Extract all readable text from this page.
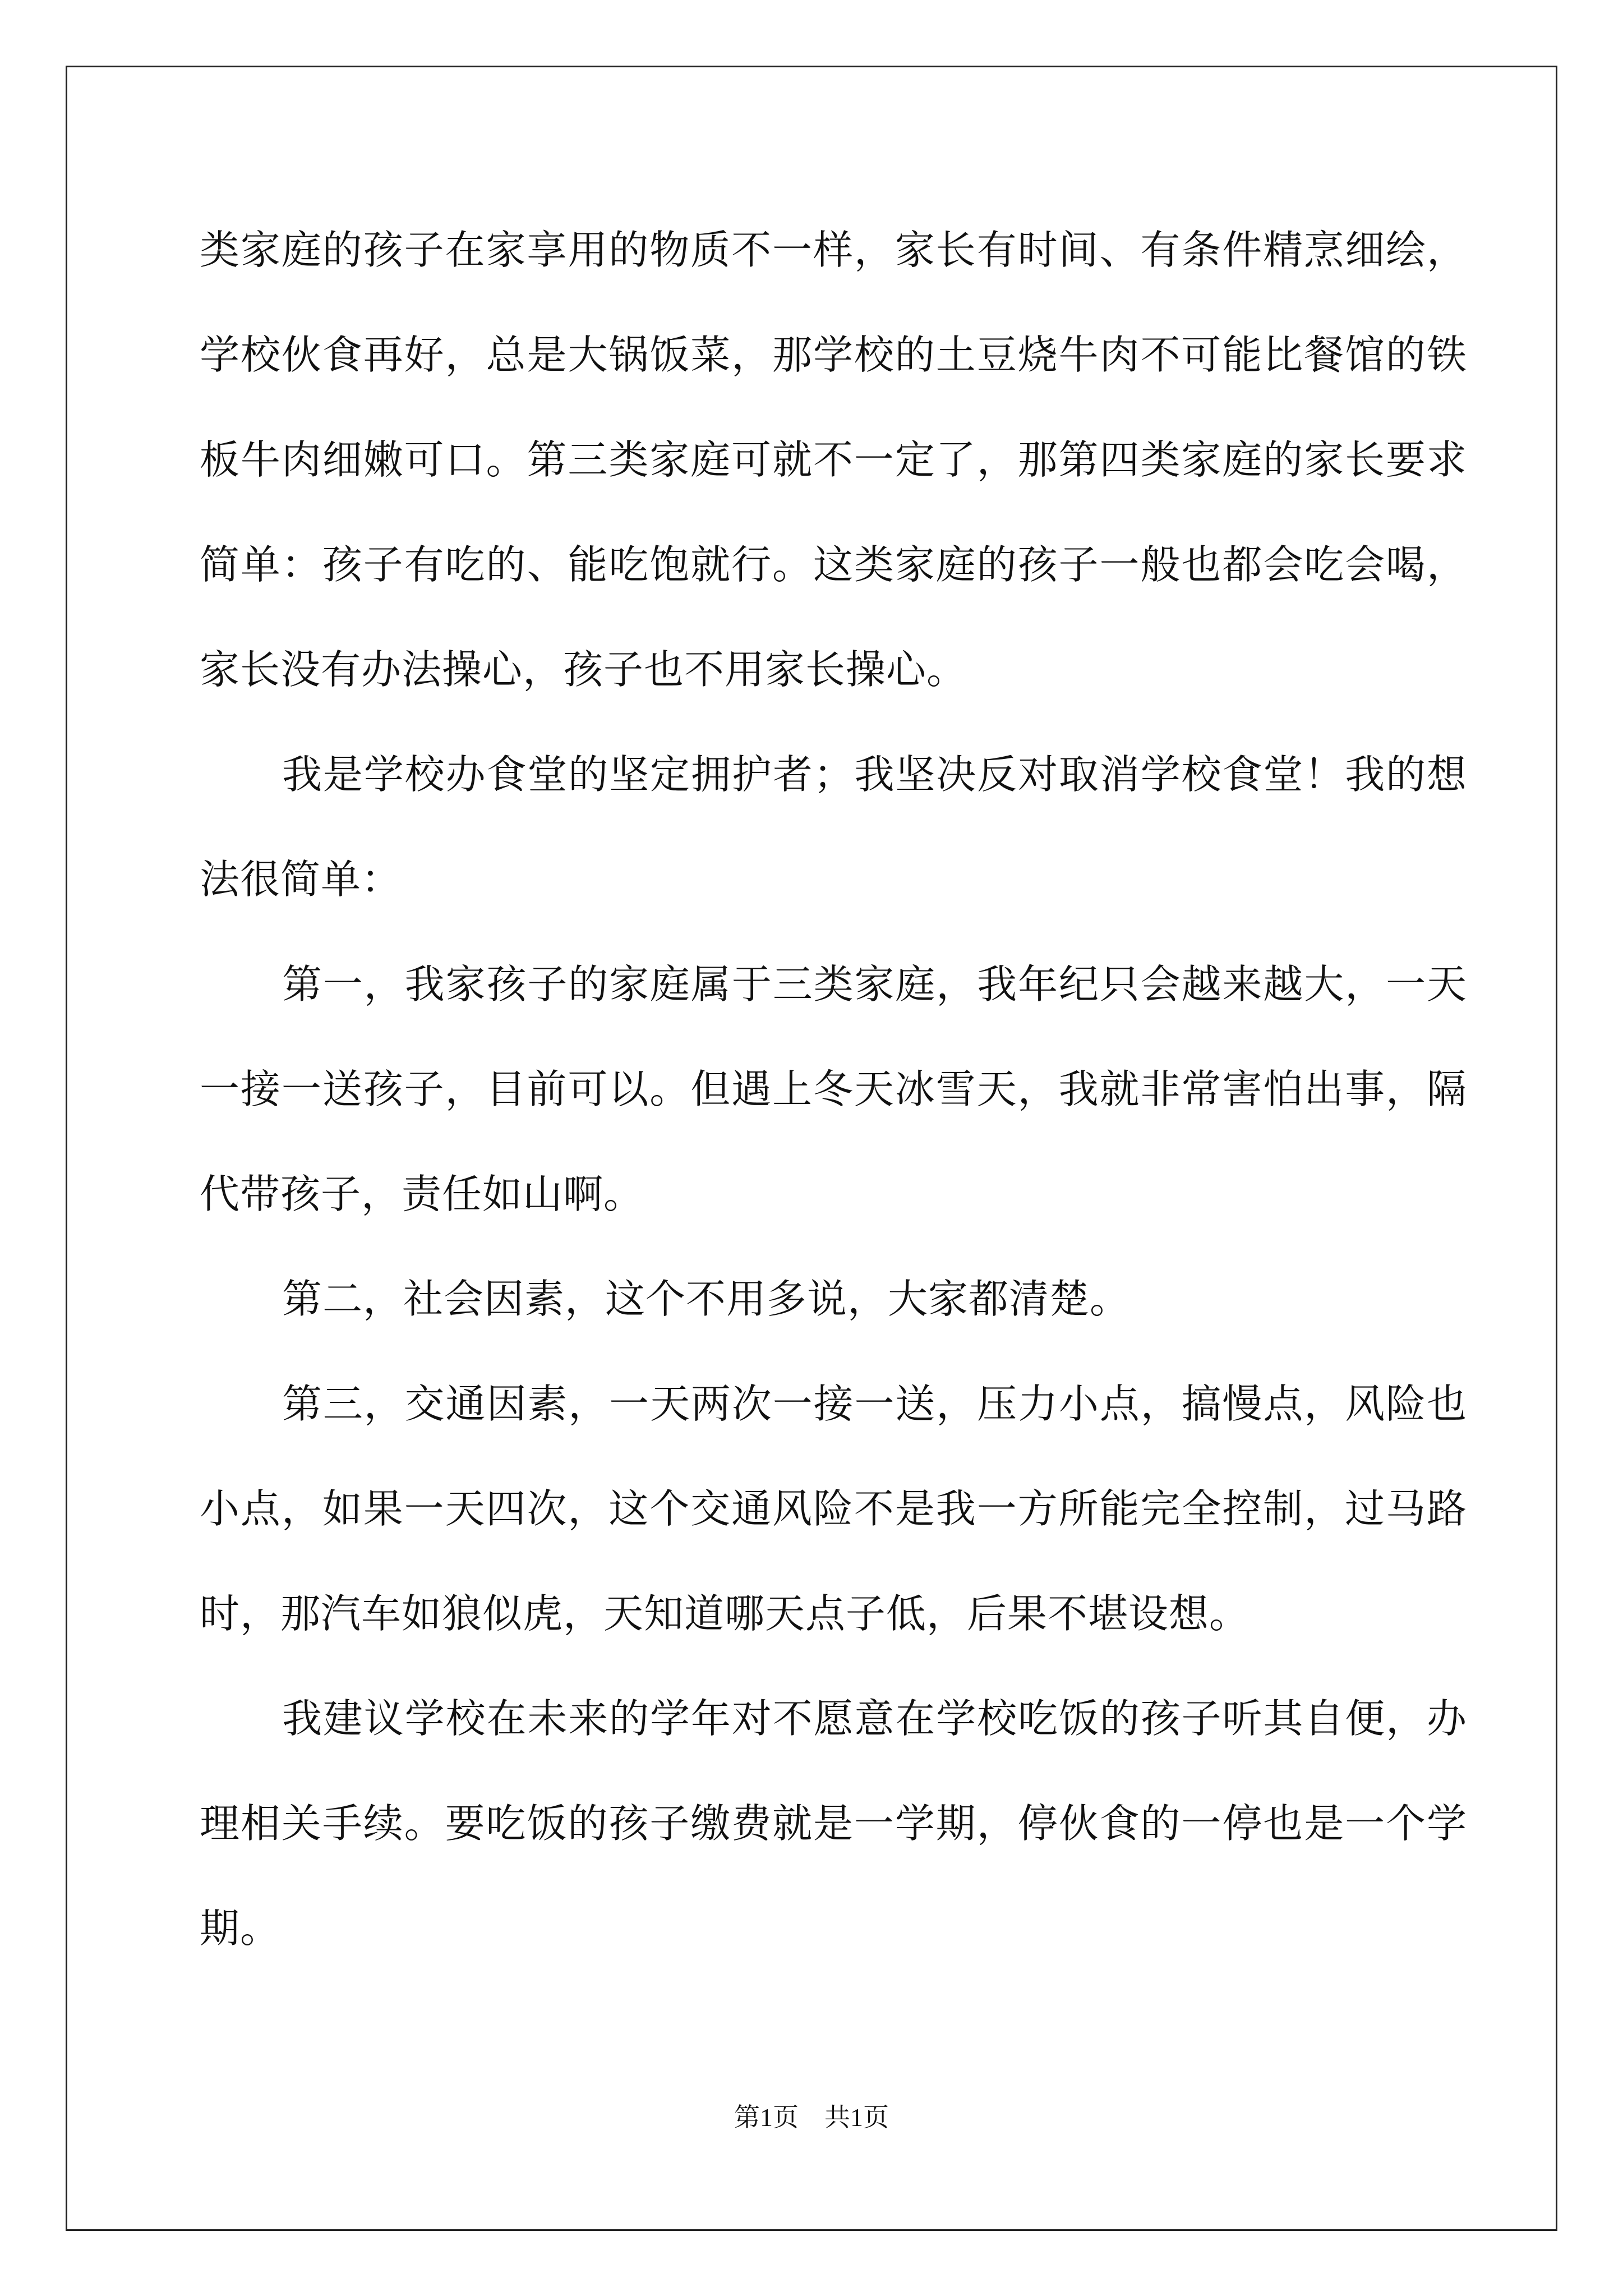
类家庭的孩子在家享用的物质不一样，家长有时间、有条件精烹细绘，学校伙食再好，总是大锅饭菜，那学校的土豆烧牛肉不可能比餐馆的铁板牛肉细嫩可口。第三类家庭可就不一定了，那第四类家庭的家长要求简单：孩子有吃的、能吃饱就行。这类家庭的孩子一般也都会吃会喝，家长没有办法操心，孩子也不用家长操心。

我是学校办食堂的坚定拥护者；我坚决反对取消学校食堂！我的想法很简单：

第一，我家孩子的家庭属于三类家庭，我年纪只会越来越大，一天一接一送孩子，目前可以。但遇上冬天冰雪天，我就非常害怕出事，隔代带孩子，责任如山啊。

第二，社会因素，这个不用多说，大家都清楚。

第三，交通因素，一天两次一接一送，压力小点，搞慢点，风险也小点，如果一天四次，这个交通风险不是我一方所能完全控制，过马路时，那汽车如狼似虎，天知道哪天点子低，后果不堪设想。

我建议学校在未来的学年对不愿意在学校吃饭的孩子听其自便，办理相关手续。要吃饭的孩子缴费就是一学期，停伙食的一停也是一个学期。

第1页　共1页
